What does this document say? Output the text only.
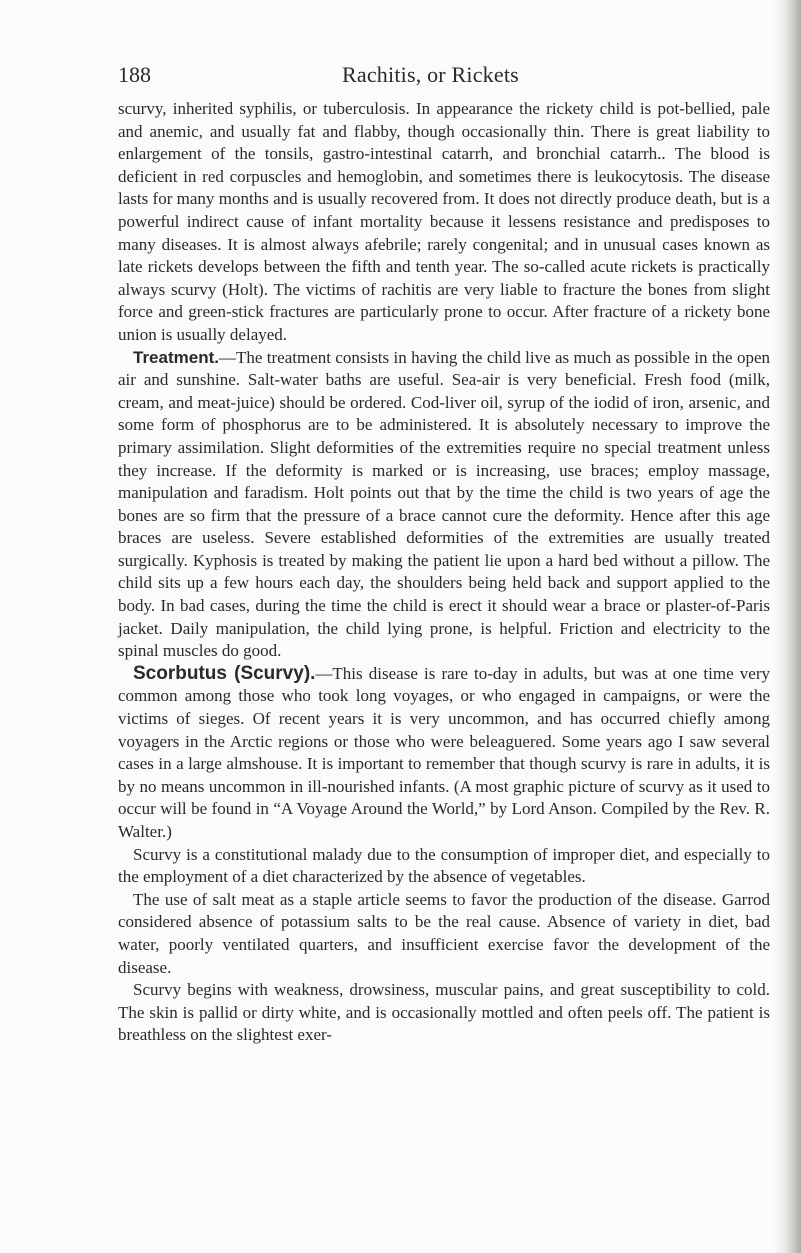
188	Rachitis, or Rickets

scurvy, inherited syphilis, or tuberculosis. In appearance the rickety child is pot-bellied, pale and anemic, and usually fat and flabby, though occasionally thin. There is great liability to enlargement of the tonsils, gastro-intestinal catarrh, and bronchial catarrh.. The blood is deficient in red corpuscles and hemoglobin, and sometimes there is leukocytosis. The disease lasts for many months and is usually recovered from. It does not directly produce death, but is a powerful indirect cause of infant mortality because it lessens resistance and predisposes to many diseases. It is almost always afebrile; rarely congenital; and in unusual cases known as late rickets develops between the fifth and tenth year. The so-called acute rickets is practically always scurvy (Holt). The victims of rachitis are very liable to fracture the bones from slight force and green-stick fractures are particularly prone to occur. After fracture of a rickety bone union is usually delayed.

Treatment.—The treatment consists in having the child live as much as possible in the open air and sunshine. Salt-water baths are useful. Sea-air is very beneficial. Fresh food (milk, cream, and meat-juice) should be ordered. Cod-liver oil, syrup of the iodid of iron, arsenic, and some form of phosphorus are to be administered. It is absolutely necessary to improve the primary assimilation. Slight deformities of the extremities require no special treatment unless they increase. If the deformity is marked or is increasing, use braces; employ massage, manipulation and faradism. Holt points out that by the time the child is two years of age the bones are so firm that the pressure of a brace cannot cure the deformity. Hence after this age braces are useless. Severe established deformities of the extremities are usually treated surgically. Kyphosis is treated by making the patient lie upon a hard bed without a pillow. The child sits up a few hours each day, the shoulders being held back and support applied to the body. In bad cases, during the time the child is erect it should wear a brace or plaster-of-Paris jacket. Daily manipulation, the child lying prone, is helpful. Friction and electricity to the spinal muscles do good.

Scorbutus (Scurvy).—This disease is rare to-day in adults, but was at one time very common among those who took long voyages, or who engaged in campaigns, or were the victims of sieges. Of recent years it is very uncommon, and has occurred chiefly among voyagers in the Arctic regions or those who were beleaguered. Some years ago I saw several cases in a large almshouse. It is important to remember that though scurvy is rare in adults, it is by no means uncommon in ill-nourished infants. (A most graphic picture of scurvy as it used to occur will be found in “A Voyage Around the World,” by Lord Anson. Compiled by the Rev. R. Walter.)

Scurvy is a constitutional malady due to the consumption of improper diet, and especially to the employment of a diet characterized by the absence of vegetables.

The use of salt meat as a staple article seems to favor the production of the disease. Garrod considered absence of potassium salts to be the real cause. Absence of variety in diet, bad water, poorly ventilated quarters, and insufficient exercise favor the development of the disease.

Scurvy begins with weakness, drowsiness, muscular pains, and great susceptibility to cold. The skin is pallid or dirty white, and is occasionally mottled and often peels off. The patient is breathless on the slightest exer-
